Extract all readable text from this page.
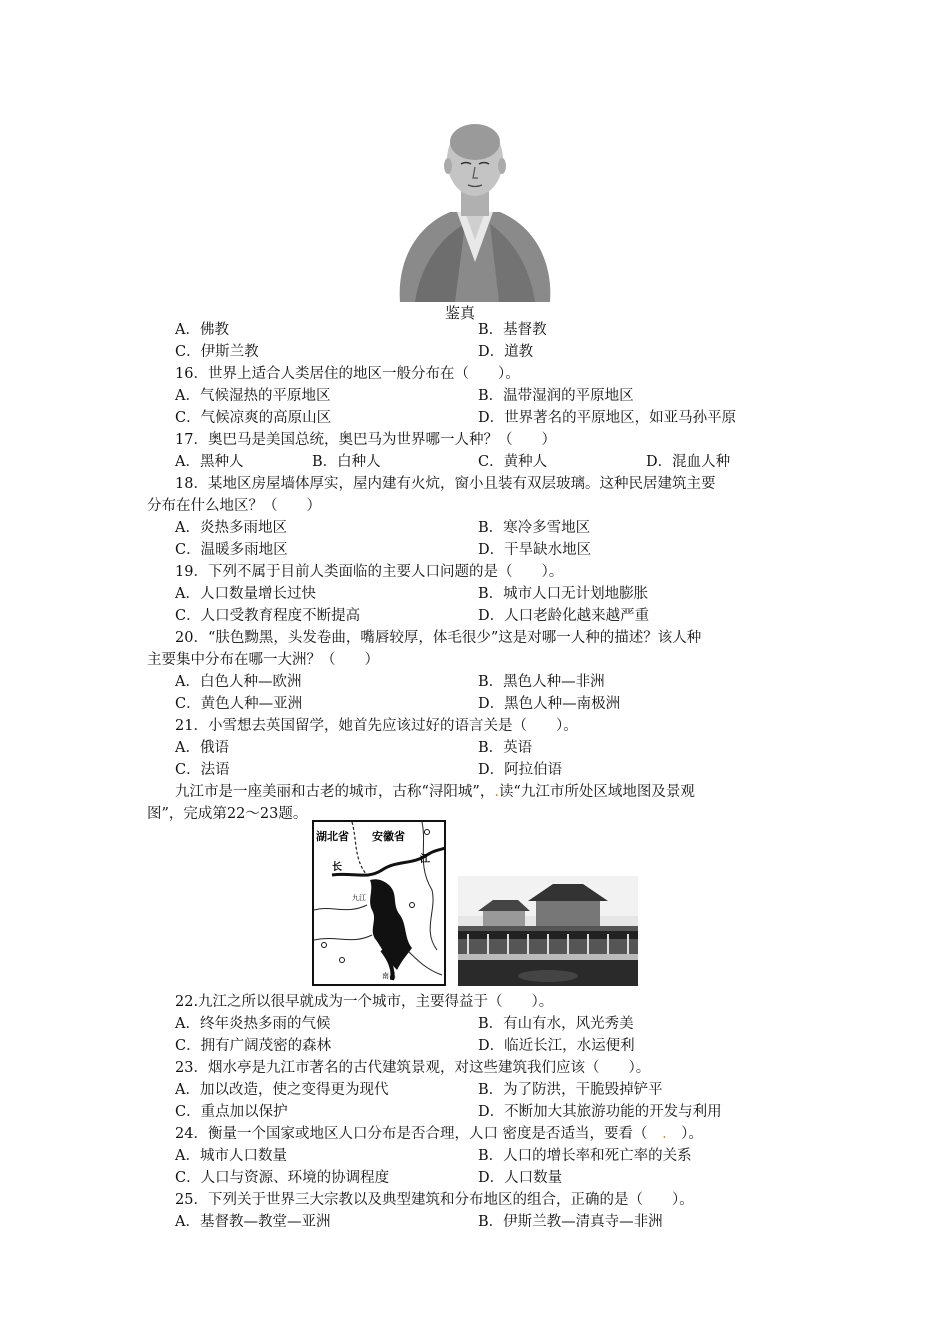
鉴真
A．佛教	B．基督教
C．伊斯兰教	D．道教
16．世界上适合人类居住的地区一般分布在（　　）。
A．气候湿热的平原地区	B．温带湿润的平原地区
C．气候凉爽的高原山区	D．世界著名的平原地区，如亚马孙平原
17．奥巴马是美国总统，奥巴马为世界哪一人种？（　　）
A．黑种人	B．白种人	C．黄种人	D．混血人种
18．某地区房屋墙体厚实，屋内建有火炕，窗小且装有双层玻璃。这种民居建筑主要
分布在什么地区？（　　）
A．炎热多雨地区	B．寒冷多雪地区
C．温暖多雨地区	D．干旱缺水地区
19．下列不属于目前人类面临的主要人口问题的是（　　）。
A．人口数量增长过快	B．城市人口无计划地膨胀
C．人口受教育程度不断提高	D．人口老龄化越来越严重
20．“肤色黝黑，头发卷曲，嘴唇较厚，体毛很少”这是对哪一人种的描述？该人种
主要集中分布在哪一大洲？（　　）
A．白色人种—欧洲	B．黑色人种—非洲
C．黄色人种—亚洲	D．黑色人种—南极洲
21．小雪想去英国留学，她首先应该过好的语言关是（　　）。
A．俄语	B．英语
C．法语	D．阿拉伯语
九江市是一座美丽和古老的城市，古称“浔阳城”，.读“九江市所处区域地图及景观
图”，完成第22～23题。
湖北省 安徽省
长
江
九江
南昌
22.九江之所以很早就成为一个城市，主要得益于（　　）。
A．终年炎热多雨的气候	B．有山有水，风光秀美
C．拥有广阔茂密的森林	D．临近长江，水运便利
23．烟水亭是九江市著名的古代建筑景观，对这些建筑我们应该（　　）。
A．加以改造，使之变得更为现代	B．为了防洪，干脆毁掉铲平
C．重点加以保护	D．不断加大其旅游功能的开发与利用
24．衡量一个国家或地区人口分布是否合理，人口 密度是否适当，要看（　.　）。
A．城市人口数量	B．人口的增长率和死亡率的关系
C．人口与资源、环境的协调程度	D．人口数量
25．下列关于世界三大宗教以及典型建筑和分布地区的组合，正确的是（　　）。
A．基督教—教堂—亚洲	B．伊斯兰教—清真寺—非洲
